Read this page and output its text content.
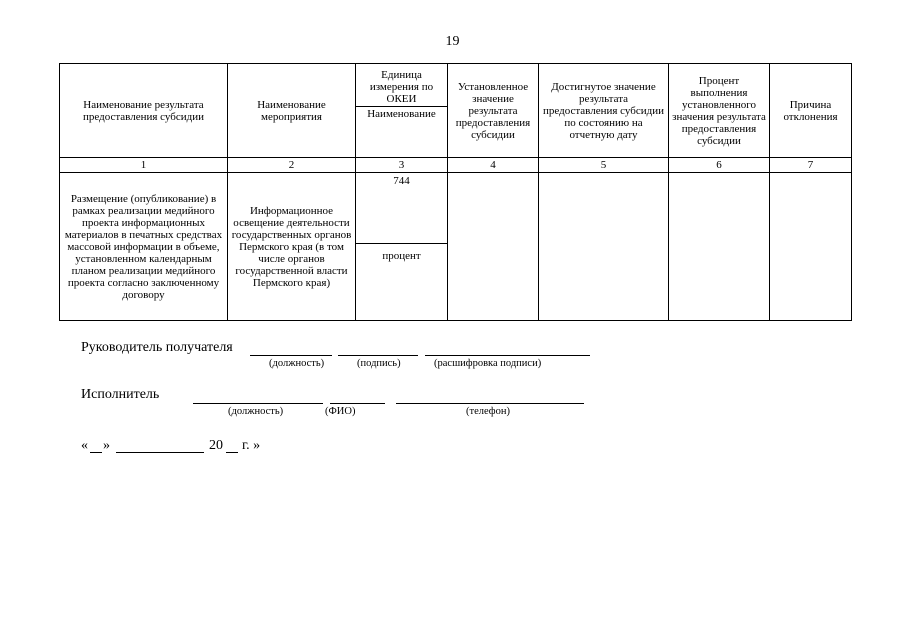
19
Наименование результата предоставления субсидии	Наименование мероприятия	Единица измерения по ОКЕИ	Установленное значение результата предоставления субсидии	Достигнутое значение результата предоставления субсидии по состоянию на отчетную дату	Процент выполнения установленного значения результата предоставления субсидии	Причина отклонения
		Наименование				
1	2	3	4	5	6	7
Размещение (опубликование) в рамках реализации медийного проекта информационных материалов в печатных средствах массовой информации в объеме, установленном календарным планом реализации медийного проекта согласно заключенному договору	Информационное освещение деятельности государственных органов Пермского края (в том числе органов государственной власти Пермского края)	744
процент				

Руководитель получателя
(должность)	(подпись)	(расшифровка подписи)
Исполнитель
(должность)	(ФИО)	(телефон)
« »	20 г. »
